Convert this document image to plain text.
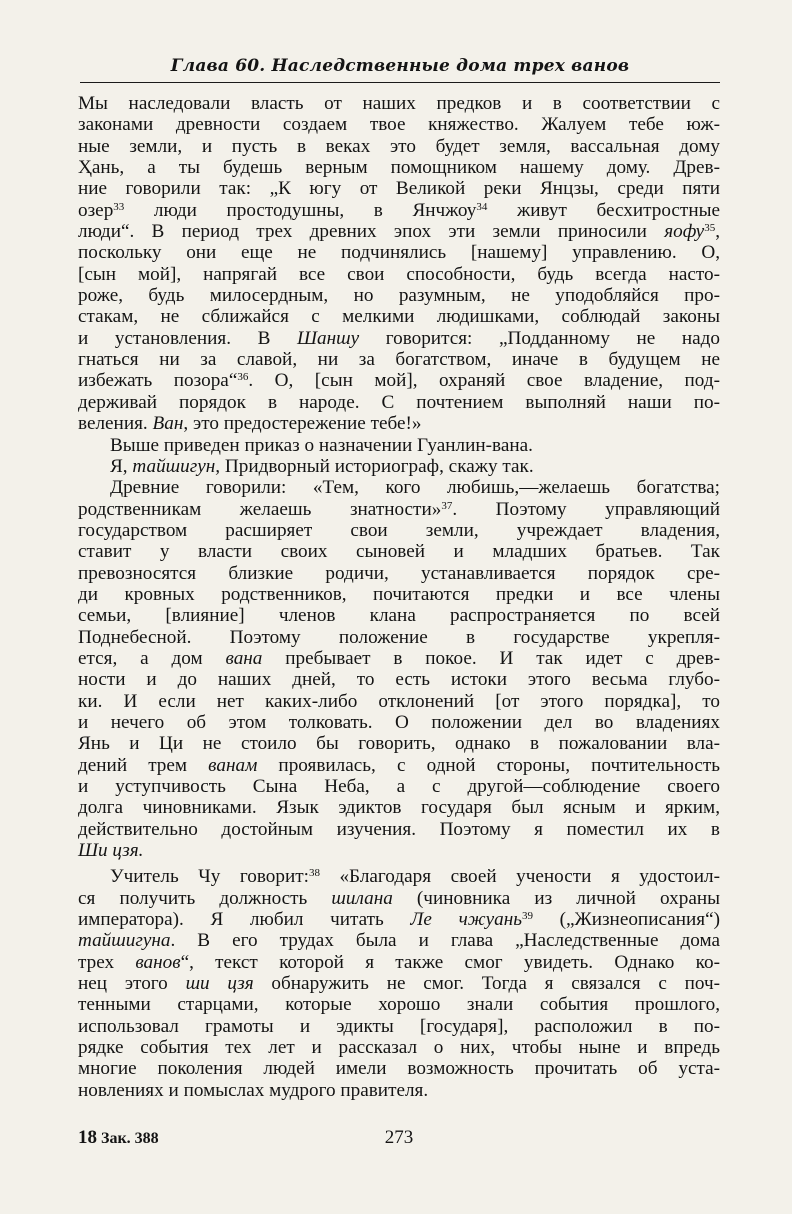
Глава 60. Наследственные дома трех ванов
Мы наследовали власть от наших предков и в соответствии с
законами древности создаем твое княжество. Жалуем тебе юж-
ные земли, и пусть в веках это будет земля, вассальная дому
Ҳань, а ты будешь верным помощником нашему дому. Древ-
ние говорили так: „К югу от Великой реки Янцзы, среди пяти
озер$^{33}$ люди простодушны, в Янчжоу$^{34}$ живут бесхитростные
люди“. В период трех древних эпох эти земли приносили яофу$^{35}$,
поскольку они еще не подчинялись [нашему] управлению. О,
[сын мой], напрягай все свои способности, будь всегда насто-
роже, будь милосердным, но разумным, не уподобляйся про-
стакам, не сближайся с мелкими людишками, соблюдай законы
и установления. В Шаншу говорится: „Подданному не надо
гнаться ни за славой, ни за богатством, иначе в будущем не
избежать позора“$^{36}$. О, [сын мой], охраняй свое владение, под-
держивай порядок в народе. С почтением выполняй наши по-
веления. Ван, это предостережение тебе!»
Выше приведен приказ о назначении Гуанлин-вана.
Я, тайшигун, Придворный историограф, скажу так.
Древние говорили: «Тем, кого любишь,—желаешь богатства;
родственникам желаешь знатности»$^{37}$. Поэтому управляющий
государством расширяет свои земли, учреждает владения,
ставит у власти своих сыновей и младших братьев. Так
превозносятся близкие родичи, устанавливается порядок сре-
ди кровных родственников, почитаются предки и все члены
семьи, [влияние] членов клана распространяется по всей
Поднебесной. Поэтому положение в государстве укрепля-
ется, а дом вана пребывает в покое. И так идет с древ-
ности и до наших дней, то есть истоки этого весьма глубо-
ки. И если нет каких-либо отклонений [от этого порядка], то
и нечего об этом толковать. О положении дел во владениях
Янь и Ци не стоило бы говорить, однако в пожаловании вла-
дений трем ванам проявилась, с одной стороны, почтительность
и уступчивость Сына Неба, а с другой—соблюдение своего
долга чиновниками. Язык эдиктов государя был ясным и ярким,
действительно достойным изучения. Поэтому я поместил их в
Ши цзя.
Учитель Чу говорит:$^{38}$ «Благодаря своей учености я удостоил-
ся получить должность шилана (чиновника из личной охраны
императора). Я любил читать Ле чжуань$^{39}$ („Жизнеописания“)
тайшигуна. В его трудах была и глава „Наследственные дома
трех ванов“, текст которой я также смог увидеть. Однако ко-
нец этого ши цзя обнаружить не смог. Тогда я связался с поч-
тенными старцами, которые хорошо знали события прошлого,
использовал грамоты и эдикты [государя], расположил в по-
рядке события тех лет и рассказал о них, чтобы ныне и впредь
многие поколения людей имели возможность прочитать об уста-
новлениях и помыслах мудрого правителя.
18 Зак. 388	273
